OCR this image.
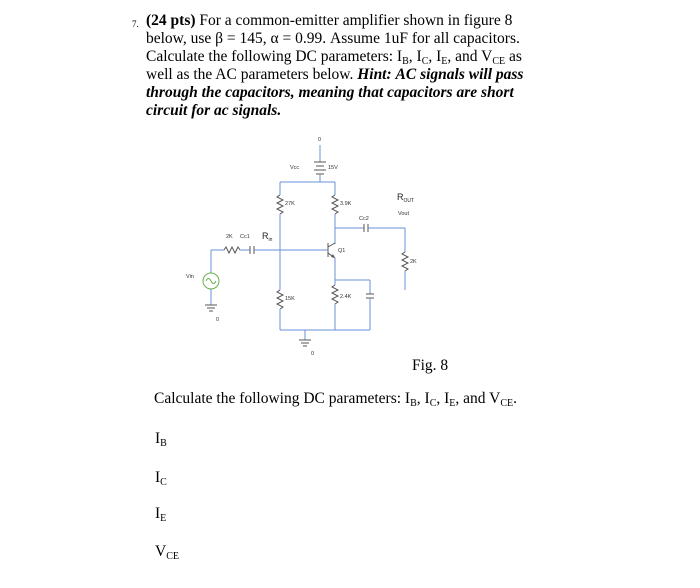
7. (24 pts) For a common-emitter amplifier shown in figure 8
below, use β = 145, α = 0.99. Assume 1uF for all capacitors.
Calculate the following DC parameters: $I_B$, $I_C$, $I_E$, and $V_{CE}$ as
well as the AC parameters below. Hint: AC signals will pass
through the capacitors, meaning that capacitors are short
circuit for ac signals.
0
Vcc	15V
27K	3.9K
Cc2
$R_{OUT}$
Vout
2K
Q1
2K Cc1 $R_{in}$
Vin
0
15K	2.4K
0
Fig. 8
Calculate the following DC parameters: $I_B$, $I_C$, $I_E$, and $V_{CE}$.
$I_B$
$I_C$
$I_E$
$V_{CE}$
